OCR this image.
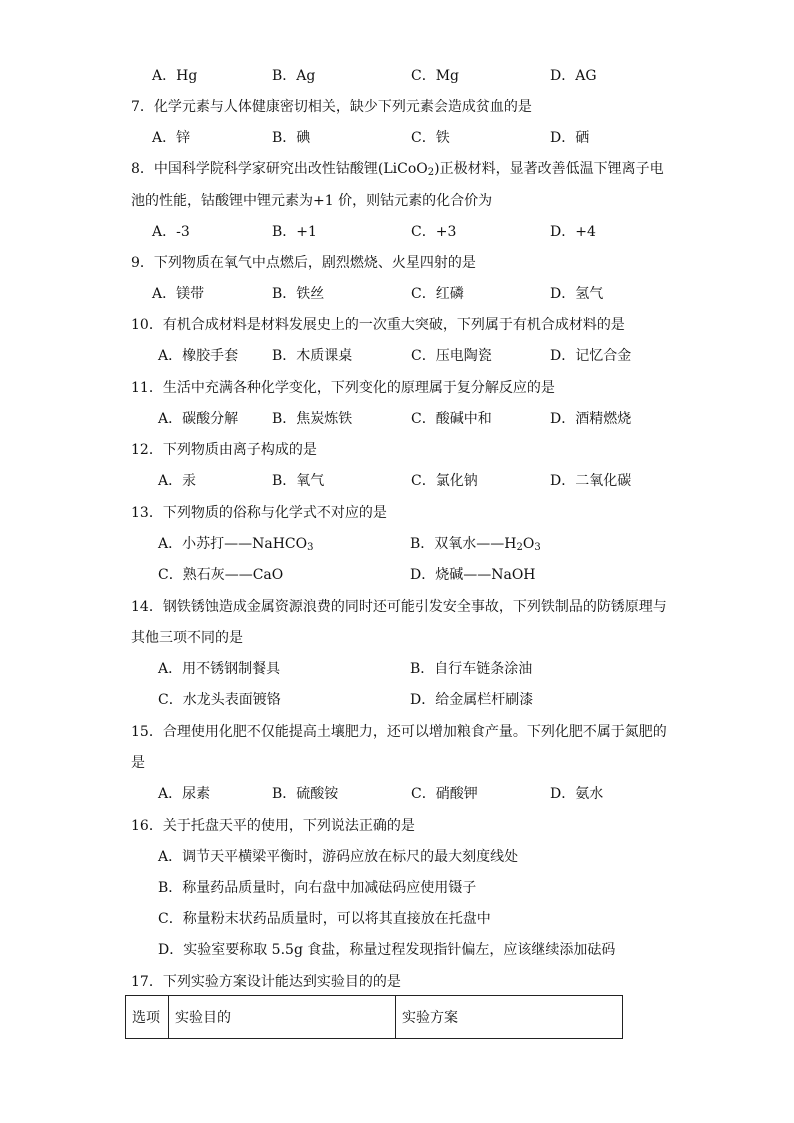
A．Hg	B．Ag	C．Mg	D．AG
7．化学元素与人体健康密切相关，缺少下列元素会造成贫血的是
A．锌	B．碘	C．铁	D．硒
8．中国科学院科学家研究出改性钴酸锂(LiCoO$_2$)正极材料，显著改善低温下锂离子电
池的性能，钴酸锂中锂元素为+1 价，则钴元素的化合价为
A．-3	B．+1	C．+3	D．+4
9．下列物质在氧气中点燃后，剧烈燃烧、火星四射的是
A．镁带	B．铁丝	C．红磷	D．氢气
10．有机合成材料是材料发展史上的一次重大突破，下列属于有机合成材料的是
A．橡胶手套 B．木质课桌	C．压电陶瓷	D．记忆合金
11．生活中充满各种化学变化，下列变化的原理属于复分解反应的是
A．碳酸分解 B．焦炭炼铁	C．酸碱中和	D．酒精燃烧
12．下列物质由离子构成的是
A．汞	B．氧气	C．氯化钠	D．二氧化碳
13．下列物质的俗称与化学式不对应的是
A．小苏打——NaHCO$_3$	B．双氧水$——H_2O_3$
C．熟石灰——CaO	D．烧碱——NaOH
14．钢铁锈蚀造成金属资源浪费的同时还可能引发安全事故，下列铁制品的防锈原理与
其他三项不同的是
A．用不锈钢制餐具	B．自行车链条涂油
C．水龙头表面镀铬	D．给金属栏杆刷漆
15．合理使用化肥不仅能提高土壤肥力，还可以增加粮食产量。下列化肥不属于氮肥的
是
A．尿素	B．硫酸铵	C．硝酸钾	D．氨水
16．关于托盘天平的使用，下列说法正确的是
A．调节天平横梁平衡时，游码应放在标尺的最大刻度线处
B．称量药品质量时，向右盘中加减砝码应使用镊子
C．称量粉末状药品质量时，可以将其直接放在托盘中
D．实验室要称取 5.5g 食盐，称量过程发现指针偏左，应该继续添加砝码
17．下列实验方案设计能达到实验目的的是
选项	实验目的	实验方案
